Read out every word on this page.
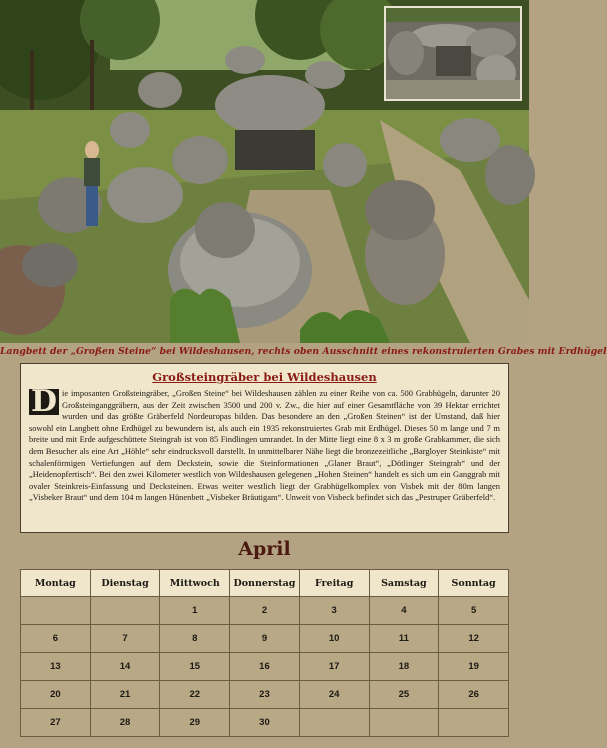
Langbett der „Großen Steine“ bei Wildeshausen, rechts oben Ausschnitt eines rekonstruierten Grabes mit Erdhügel
Großsteingräber bei Wildeshausen
D ie imposanten Großsteingräber, „Großen Steine“ bei Wildeshausen zählen zu einer Reihe von ca. 500 Grabhügeln, darunter 20 Großsteinganggräbern, aus der Zeit zwischen 3500 und 200 v. Zw., die hier auf einer Gesamtfläche von 39 Hektar errichtet wurden und das größte Gräberfeld Nordeuropas bilden. Das besondere an den „Großen Steinen“ ist der Umstand, daß hier sowohl ein Langbett ohne Erdhügel zu bewundern ist, als auch ein 1935 rekonstruiertes Grab mit Erdhügel. Dieses 50 m lange und 7 m breite und mit Erde aufgeschüttete Steingrab ist von 85 Findlingen umrandet. In der Mitte liegt eine 8 x 3 m große Grabkammer, die sich dem Besucher als eine Art „Höhle“ sehr eindrucksvoll darstellt. In unmittelbarer Nähe liegt die bronzezeitliche „Bargloyer Steinkiste“ mit schalenförmigen Vertiefungen auf dem Deckstein, sowie die Steinformationen „Glaner Braut“, „Dötlinger Steingrab“ und der „Heidenopfertisch“. Bei den zwei Kilometer westlich von Wildeshausen gelegenen „Hohen Steinen“ handelt es sich um ein Ganggrab mit ovaler Steinkreis-Einfassung und Decksteinen. Etwas weiter westlich liegt der Grabhügelkomplex von Visbek mit der 80m langen „Visbeker Braut“ und dem 104 m langen Hünenbett „Visbeker Bräutigam“. Unweit von Visbeck befindet sich das „Pestruper Gräberfeld“.
April
Montag	Dienstag	Mittwoch	Donnerstag	Freitag	Samstag	Sonntag
		1	2	3	4	5
6	7	8	9	10	11	12
13	14	15	16	17	18	19
20	21	22	23	24	25	26
27	28	29	30			
